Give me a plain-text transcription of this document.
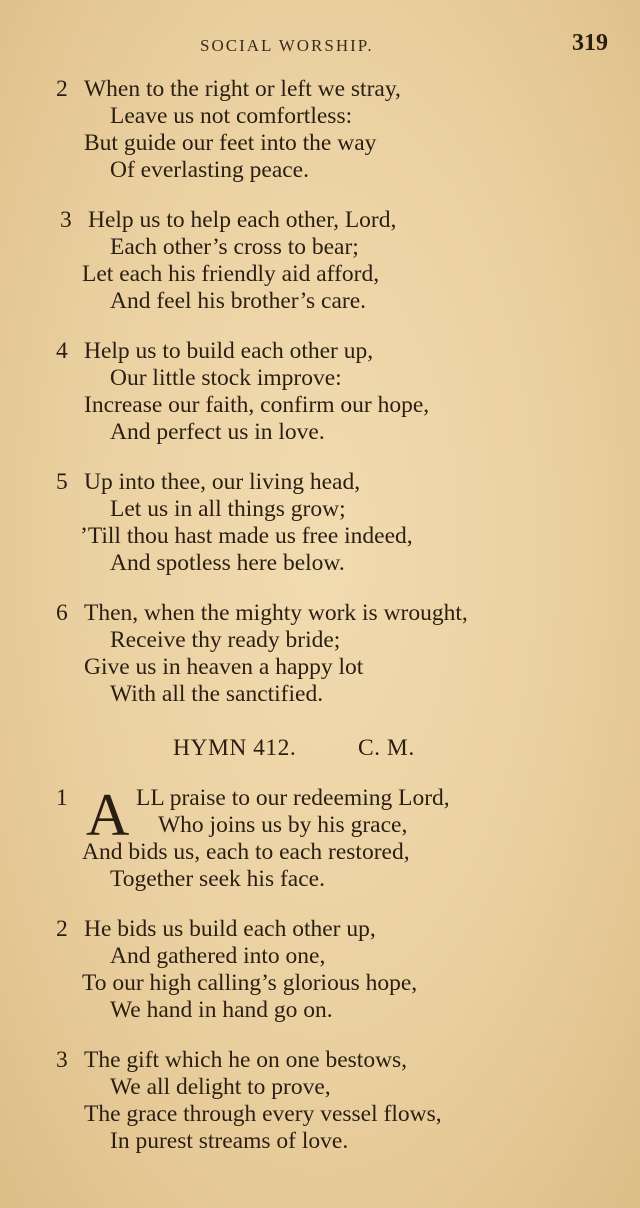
SOCIAL WORSHIP.	319
2 When to the right or left we stray,
Leave us not comfortless:
But guide our feet into the way
Of everlasting peace.
3 Help us to help each other, Lord,
Each other’s cross to bear;
Let each his friendly aid afford,
And feel his brother’s care.
4 Help us to build each other up,
Our little stock improve:
Increase our faith, confirm our hope,
And perfect us in love.
5 Up into thee, our living head,
Let us in all things grow;
’Till thou hast made us free indeed,
And spotless here below.
6 Then, when the mighty work is wrought,
Receive thy ready bride;
Give us in heaven a happy lot
With all the sanctified.
HYMN 412.	C. M.
1 A LL praise to our redeeming Lord,
Who joins us by his grace,
And bids us, each to each restored,
Together seek his face.
2 He bids us build each other up,
And gathered into one,
To our high calling’s glorious hope,
We hand in hand go on.
3 The gift which he on one bestows,
We all delight to prove,
The grace through every vessel flows,
In purest streams of love.
